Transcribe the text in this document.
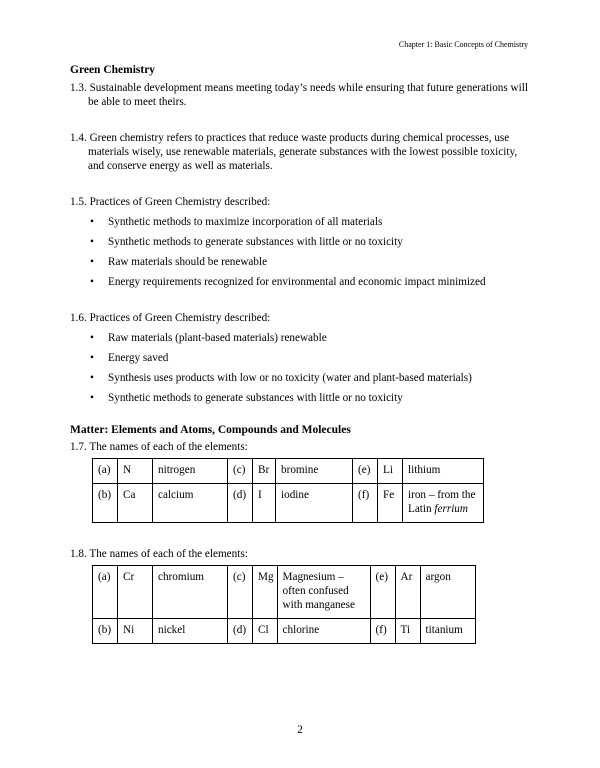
Chapter 1: Basic Concepts of Chemistry

Green Chemistry

1.3. Sustainable development means meeting today’s needs while ensuring that future generations will be able to meet theirs.

1.4. Green chemistry refers to practices that reduce waste products during chemical processes, use materials wisely, use renewable materials, generate substances with the lowest possible toxicity, and conserve energy as well as materials.

1.5. Practices of Green Chemistry described:

• Synthetic methods to maximize incorporation of all materials
• Synthetic methods to generate substances with little or no toxicity
• Raw materials should be renewable
• Energy requirements recognized for environmental and economic impact minimized

1.6. Practices of Green Chemistry described:

• Raw materials (plant-based materials) renewable
• Energy saved
• Synthesis uses products with low or no toxicity (water and plant-based materials)
• Synthetic methods to generate substances with little or no toxicity

Matter: Elements and Atoms, Compounds and Molecules

1.7. The names of each of the elements:

(a)	N	nitrogen	(c)	Br	bromine	(e)	Li	lithium
(b)	Ca	calcium	(d)	I	iodine	(f)	Fe	iron – from the Latin ferrium

1.8. The names of each of the elements:

(a)	Cr	chromium	(c)	Mg	Magnesium – often confused with manganese	(e)	Ar	argon
(b)	Ni	nickel	(d)	Cl	chlorine	(f)	Ti	titanium
2
